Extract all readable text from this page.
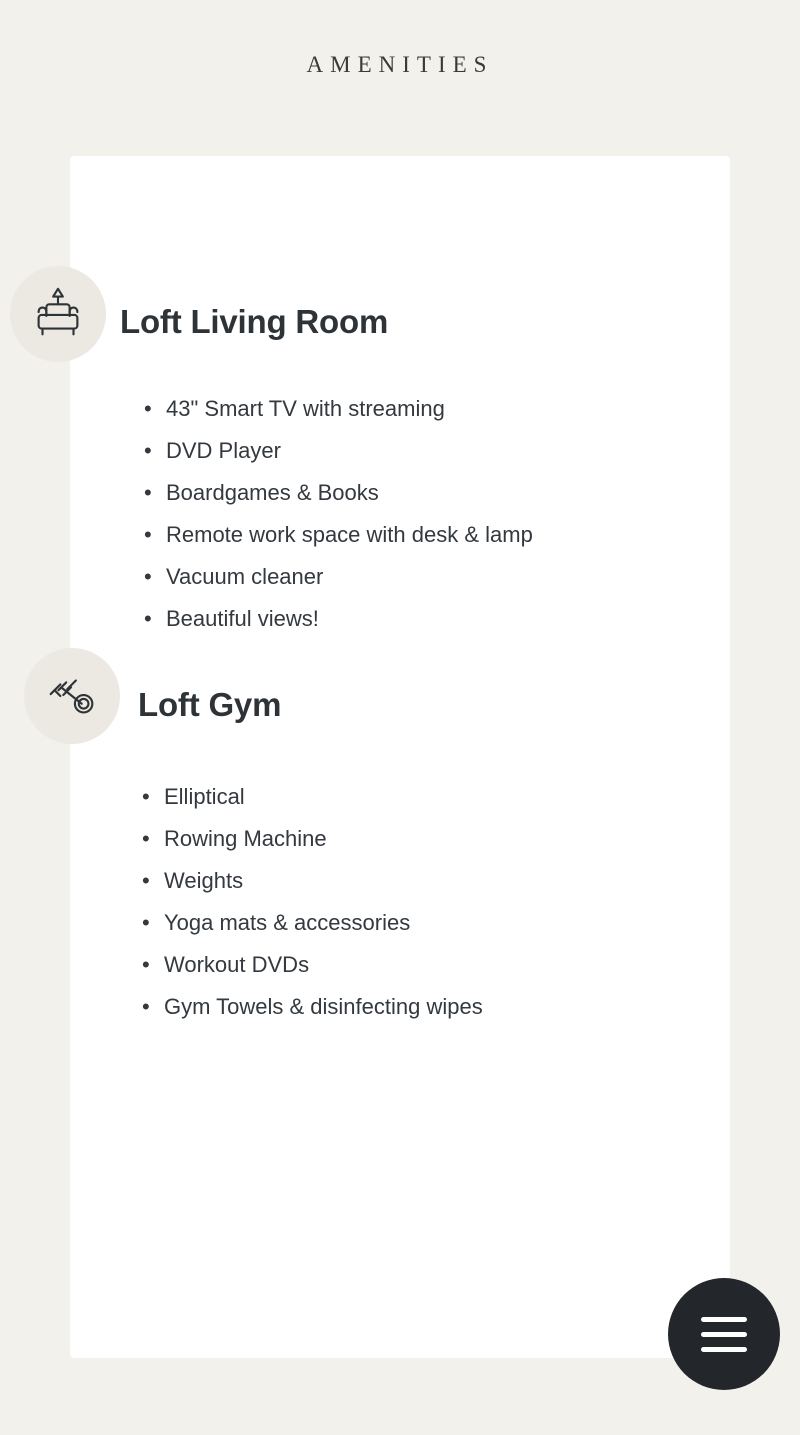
AMENITIES
Loft Living Room
• 43" Smart TV with streaming
• DVD Player
• Boardgames & Books
• Remote work space with desk & lamp
• Vacuum cleaner
• Beautiful views!
Loft Gym
• Elliptical
• Rowing Machine
• Weights
• Yoga mats & accessories
• Workout DVDs
• Gym Towels & disinfecting wipes
